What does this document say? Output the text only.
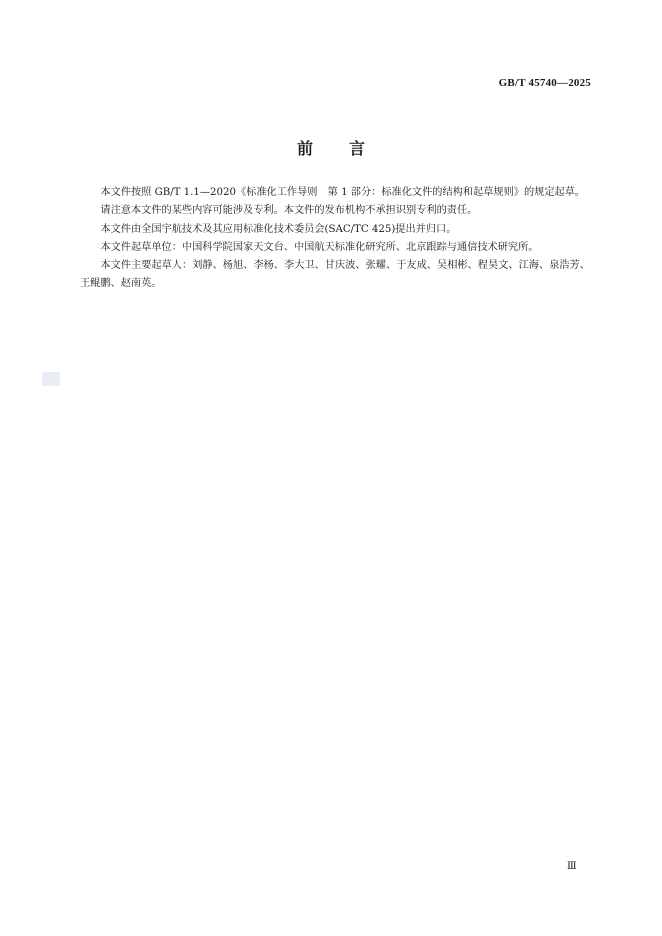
GB/T 45740—2025
前 言

本文件按照 GB/T 1.1—2020《标准化工作导则　第 1 部分：标准化文件的结构和起草规则》的规定起草。

请注意本文件的某些内容可能涉及专利。本文件的发布机构不承担识别专利的责任。

本文件由全国宇航技术及其应用标准化技术委员会(SAC/TC 425)提出并归口。

本文件起草单位：中国科学院国家天文台、中国航天标准化研究所、北京跟踪与通信技术研究所。

本文件主要起草人：刘静、杨旭、李杨、李大卫、甘庆波、张耀、于友成、吴相彬、程昊文、江海、泉浩芳、王鲲鹏、赵南英。

Ⅲ
